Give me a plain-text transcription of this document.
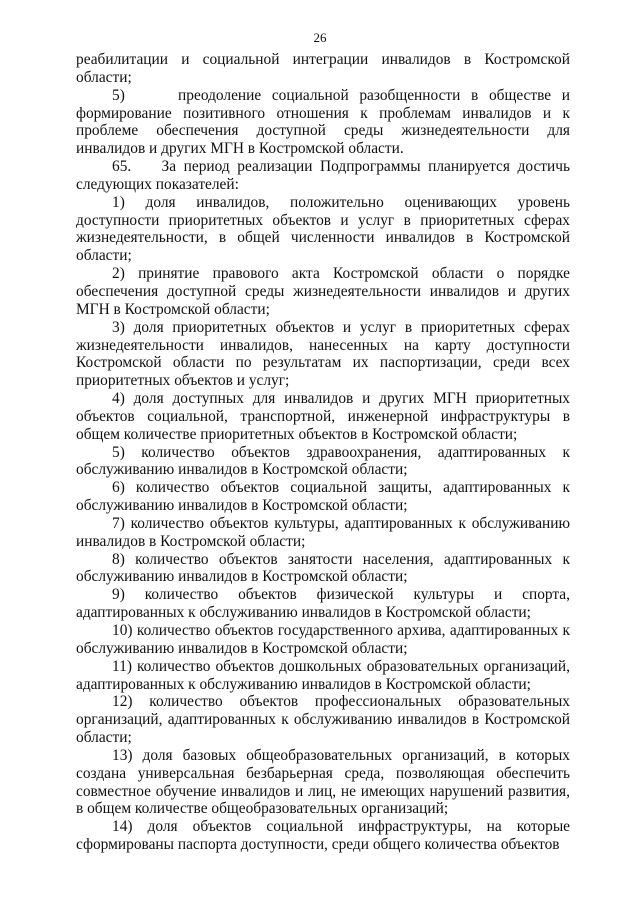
26

реабилитации и социальной интеграции инвалидов в Костромской области;

5)     преодоление социальной разобщенности в обществе и формирование позитивного отношения к проблемам инвалидов и к проблеме обеспечения доступной среды жизнедеятельности для инвалидов и других МГН в Костромской области.

65.    За период реализации Подпрограммы планируется достичь следующих показателей:

1) доля инвалидов, положительно оценивающих уровень доступности приоритетных объектов и услуг в приоритетных сферах жизнедеятельности, в общей численности инвалидов в Костромской области;

2) принятие правового акта Костромской области о порядке обеспечения доступной среды жизнедеятельности инвалидов и других МГН в Костромской области;

3) доля приоритетных объектов и услуг в приоритетных сферах жизнедеятельности инвалидов, нанесенных на карту доступности Костромской области по результатам их паспортизации, среди всех приоритетных объектов и услуг;

4) доля доступных для инвалидов и других МГН приоритетных объектов социальной, транспортной, инженерной инфраструктуры в общем количестве приоритетных объектов в Костромской области;

5) количество объектов здравоохранения, адаптированных к обслуживанию инвалидов в Костромской области;

6) количество объектов социальной защиты, адаптированных к обслуживанию инвалидов в Костромской области;

7) количество объектов культуры, адаптированных к обслуживанию инвалидов в Костромской области;

8) количество объектов занятости населения, адаптированных к обслуживанию инвалидов в Костромской области;

9) количество объектов физической культуры и спорта, адаптированных к обслуживанию инвалидов в Костромской области;

10) количество объектов государственного архива, адаптированных к обслуживанию инвалидов в Костромской области;

11) количество объектов дошкольных образовательных организаций, адаптированных к обслуживанию инвалидов в Костромской области;

12) количество объектов профессиональных образовательных организаций, адаптированных к обслуживанию инвалидов в Костромской области;

13) доля базовых общеобразовательных организаций, в которых создана универсальная безбарьерная среда, позволяющая обеспечить совместное обучение инвалидов и лиц, не имеющих нарушений развития, в общем количестве общеобразовательных организаций;

14) доля объектов социальной инфраструктуры, на которые сформированы паспорта доступности, среди общего количества объектов
